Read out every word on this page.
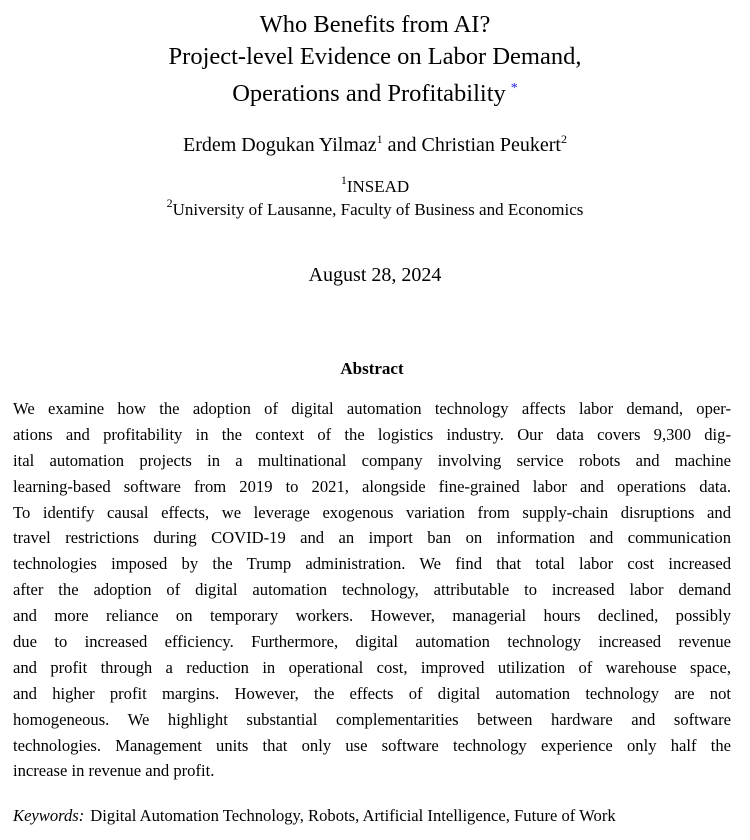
Who Benefits from AI?
Project-level Evidence on Labor Demand,
Operations and Profitability *
Erdem Dogukan Yilmaz$^1$ and Christian Peukert$^2$
$^1$INSEAD
$^2$University of Lausanne, Faculty of Business and Economics
August 28, 2024
Abstract
We examine how the adoption of digital automation technology affects labor demand, oper-
ations and profitability in the context of the logistics industry. Our data covers 9,300 dig-
ital automation projects in a multinational company involving service robots and machine
learning-based software from 2019 to 2021, alongside fine-grained labor and operations data.
To identify causal effects, we leverage exogenous variation from supply-chain disruptions and
travel restrictions during COVID-19 and an import ban on information and communication
technologies imposed by the Trump administration. We find that total labor cost increased
after the adoption of digital automation technology, attributable to increased labor demand
and more reliance on temporary workers. However, managerial hours declined, possibly
due to increased efficiency. Furthermore, digital automation technology increased revenue
and profit through a reduction in operational cost, improved utilization of warehouse space,
and higher profit margins. However, the effects of digital automation technology are not
homogeneous. We highlight substantial complementarities between hardware and software
technologies. Management units that only use software technology experience only half the
increase in revenue and profit.
Keywords: Digital Automation Technology, Robots, Artificial Intelligence, Future of Work
